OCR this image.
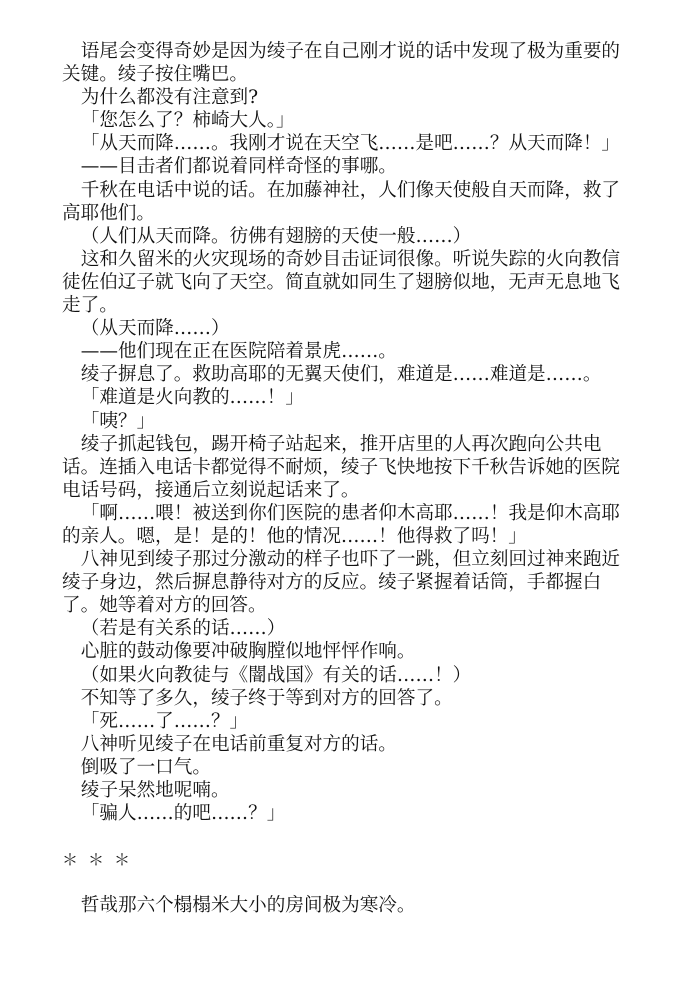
语尾会变得奇妙是因为绫子在自己刚才说的话中发现了极为重要的关键。绫子按住嘴巴。

为什么都没有注意到?

「您怎么了？柿崎大人。」

「从天而降……。我刚才说在天空飞……是吧……？从天而降！」

——目击者们都说着同样奇怪的事哪。

千秋在电话中说的话。在加藤神社，人们像天使般自天而降，救了高耶他们。

（人们从天而降。彷佛有翅膀的天使一般……）

这和久留米的火灾现场的奇妙目击证词很像。听说失踪的火向教信徒佐伯辽子就飞向了天空。简直就如同生了翅膀似地，无声无息地飞走了。

（从天而降……）

——他们现在正在医院陪着景虎……。

绫子摒息了。救助高耶的无翼天使们，难道是……难道是……。

「难道是火向教的……！」

「咦？」

绫子抓起钱包，踢开椅子站起来，推开店里的人再次跑向公共电话。连插入电话卡都觉得不耐烦，绫子飞快地按下千秋告诉她的医院电话号码，接通后立刻说起话来了。

「啊……喂！被送到你们医院的患者仰木高耶……！我是仰木高耶的亲人。嗯，是！是的！他的情况……！他得救了吗！」

八神见到绫子那过分激动的样子也吓了一跳，但立刻回过神来跑近绫子身边，然后摒息静待对方的反应。绫子紧握着话筒，手都握白了。她等着对方的回答。

（若是有关系的话……）

心脏的鼓动像要冲破胸膛似地怦怦作响。

（如果火向教徒与《闇战国》有关的话……！）

不知等了多久，绫子终于等到对方的回答了。

「死……了……？」

八神听见绫子在电话前重复对方的话。

倒吸了一口气。

绫子呆然地呢喃。

「骗人……的吧……？」

＊＊＊

哲哉那六个榻榻米大小的房间极为寒冷。
